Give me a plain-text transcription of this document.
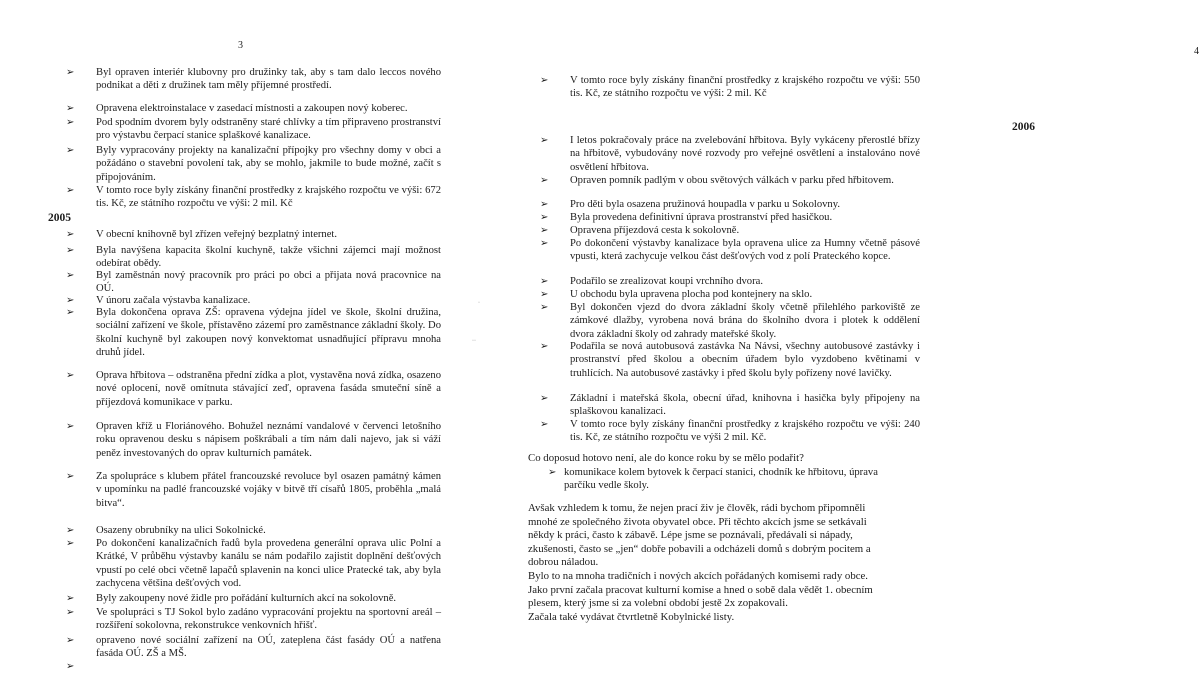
3
➢ Byl opraven interiér klubovny pro družinky tak, aby s tam dalo leccos nového podnikat a děti z družinek tam měly příjemné prostředí.
➢ Opravena elektroinstalace v zasedací místnosti a zakoupen nový koberec.
➢ Pod spodním dvorem byly odstraněny staré chlívky a tím připraveno prostranství pro výstavbu čerpací stanice splaškové kanalizace.
➢ Byly vypracovány projekty na kanalizační přípojky pro všechny domy v obci a požádáno o stavební povolení tak, aby se mohlo, jakmile to bude možné, začít s připojováním.
➢ V tomto roce byly získány finanční prostředky z krajského rozpočtu ve výši: 672 tis. Kč, ze státního rozpočtu ve výši: 2 mil. Kč
2005
➢ V obecní knihovně byl zřízen veřejný bezplatný internet.
➢ Byla navýšena kapacita školní kuchyně, takže všichni zájemci mají možnost odebírat obědy.
➢ Byl zaměstnán nový pracovník pro práci po obci a přijata nová pracovnice na OÚ.
➢ V únoru začala výstavba kanalizace.
➢ Byla dokončena oprava ZŠ: opravena výdejna jídel ve škole, školní družina, sociální zařízení ve škole, přístavěno zázemí pro zaměstnance základní školy. Do školní kuchyně byl zakoupen nový konvektomat usnadňující přípravu mnoha druhů jídel.
➢ Oprava hřbitova – odstraněna přední zídka a plot, vystavěna nová zídka, osazeno nové oplocení, nově omítnuta stávající zeď, opravena fasáda smuteční síně a příjezdová komunikace v parku.
➢ Opraven kříž u Floriánového. Bohužel neznámí vandalové v červenci letošního roku opravenou desku s nápisem poškrábali a tím nám dali najevo, jak si váží peněz investovaných do oprav kulturních památek.
➢ Za spolupráce s klubem přátel francouzské revoluce byl osazen památný kámen v upomínku na padlé francouzské vojáky v bitvě tří císařů 1805, proběhla „malá bitva“.
➢ Osazeny obrubníky na ulici Sokolnické.
➢ Po dokončení kanalizačních řadů byla provedena generální oprava ulic Polní a Krátké, V průběhu výstavby kanálu se nám podařilo zajistit doplnění dešťových vpustí po celé obci včetně lapačů splavenin na konci ulice Pratecké tak, aby byla zachycena většina dešťových vod.
➢ Byly zakoupeny nové židle pro pořádání kulturních akcí na sokolovně.
➢ Ve spolupráci s TJ Sokol bylo zadáno vypracování projektu na sportovní areál – rozšíření sokolovna, rekonstrukce venkovních hřišť.
➢ opraveno nové sociální zařízení na OÚ, zateplena část fasády OÚ a natřena fasáda OÚ. ZŠ a MŠ.
➢
·
··
4
➢ V tomto roce byly získány finanční prostředky z krajského rozpočtu ve výši: 550 tis. Kč, ze státního rozpočtu ve výši: 2 mil. Kč
2006
➢ I letos pokračovaly práce na zvelebování hřbitova. Byly vykáceny přerostlé břízy na hřbitově, vybudovány nové rozvody pro veřejné osvětlení a instalováno nové osvětlení hřbitova.
➢ Opraven pomník padlým v obou světových válkách v parku před hřbitovem.
➢ Pro děti byla osazena pružinová houpadla v parku u Sokolovny.
➢ Byla provedena definitivní úprava prostranství před hasičkou.
➢ Opravena příjezdová cesta k sokolovně.
➢ Po dokončení výstavby kanalizace byla opravena ulice za Humny včetně pásové vpusti, která zachycuje velkou část dešťových vod z polí Prateckého kopce.
➢ Podařilo se zrealizovat koupi vrchního dvora.
➢ U obchodu byla upravena plocha pod kontejnery na sklo.
➢ Byl dokončen vjezd do dvora základní školy včetně přilehlého parkoviště ze zámkové dlažby, vyrobena nová brána do školního dvora i plotek k oddělení dvora základní školy od zahrady mateřské školy.
➢ Podařila se nová autobusová zastávka Na Návsi, všechny autobusové zastávky i prostranství před školou a obecním úřadem bylo vyzdobeno květinami v truhlících. Na autobusové zastávky i před školu byly pořízeny nové lavičky.
➢ Základní i mateřská škola, obecní úřad, knihovna i hasička byly připojeny na splaškovou kanalizaci.
➢ V tomto roce byly získány finanční prostředky z krajského rozpočtu ve výši: 240 tis. Kč, ze státního rozpočtu ve výši 2 mil. Kč.
Co doposud hotovo není, ale do konce roku by se mělo podařit?
➢ komunikace kolem bytovek k čerpací stanici, chodník ke hřbitovu, úprava parčíku vedle školy.
Avšak vzhledem k tomu, že nejen prací živ je člověk, rádi bychom připomněli
mnohé ze společného života obyvatel obce. Při těchto akcích jsme se setkávali
někdy k práci, často k zábavě. Lépe jsme se poznávali, předávali si nápady,
zkušenosti, často se „jen“ dobře pobavili a odcházeli domů s dobrým pocitem a
dobrou náladou.
Bylo to na mnoha tradičních i nových akcích pořádaných komisemi rady obce.
Jako první začala pracovat kulturní komise a hned o sobě dala vědět 1. obecním
plesem, který jsme si za volební období jestě 2x zopakovali.
Začala také vydávat čtvrtletně Kobylnické listy.
